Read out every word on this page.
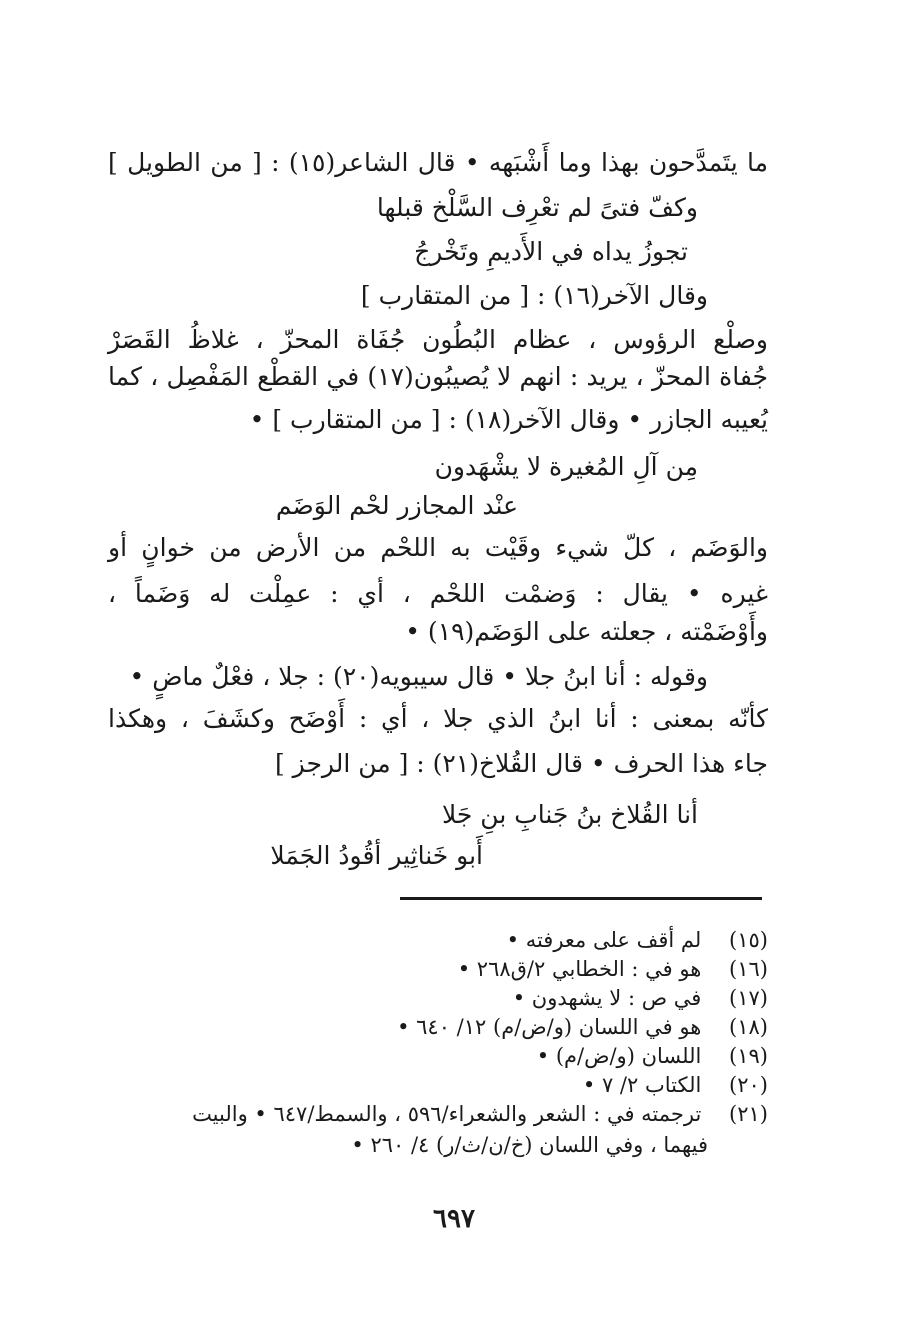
ما يتَمدَّحون بهذا وما أَشْبَهه • قال الشاعر(١٥) : [ من الطويل ]
وكفّ فتىً لم تعْرِف السَّلْخ قبلها
تجوزُ يداه في الأَديمِ وتَخْرجُ
وقال الآخر(١٦) : [ من المتقارب ]
وصلْع الرؤوس ، عظام البُطُون جُفَاة المحزّ ، غلاظُ القَصَرْ
جُفاة المحزّ ، يريد : انهم لا يُصيبُون(١٧) في القطْع المَفْصِل ، كما
يُعيبه الجازر • وقال الآخر(١٨) : [ من المتقارب ] •
مِن آلِ المُغيرة لا يشْهَدون
عنْد المجازر لحْم الوَضَم
والوَضَم ، كلّ شيء وقَيْت به اللحْم من الأرض من خوانٍ أو
غيره • يقال : وَضمْت اللحْم ، أي : عمِلْت له وَضَماً ،
وأَوْضَمْته ، جعلته على الوَضَم(١٩) •
وقوله : أنا ابنُ جلا • قال سيبويه(٢٠) : جلا ، فعْلٌ ماضٍ •
كأنّه بمعنى : أنا ابنُ الذي جلا ، أي : أَوْضَح وكشَفَ ، وهكذا
جاء هذا الحرف • قال القُلاخ(٢١) : [ من الرجز ]
أنا القُلاخ بنُ جَنابِ بنِ جَلا
أَبو خَناثِير أقُودُ الجَمَلا
(١٥) لم أقف على معرفته •
(١٦) هو في : الخطابي ٢/ق٢٦٨ •
(١٧) في ص : لا يشهدون •
(١٨) هو في اللسان (و/ض/م) ١٢/ ٦٤٠ •
(١٩) اللسان (و/ض/م) •
(٢٠) الكتاب ٢/ ٧ •
(٢١) ترجمته في : الشعر والشعراء/٥٩٦ ، والسمط/٦٤٧ • والبيت
فيهما ، وفي اللسان (خ/ن/ث/ر) ٤/ ٢٦٠ •
٦٩٧
